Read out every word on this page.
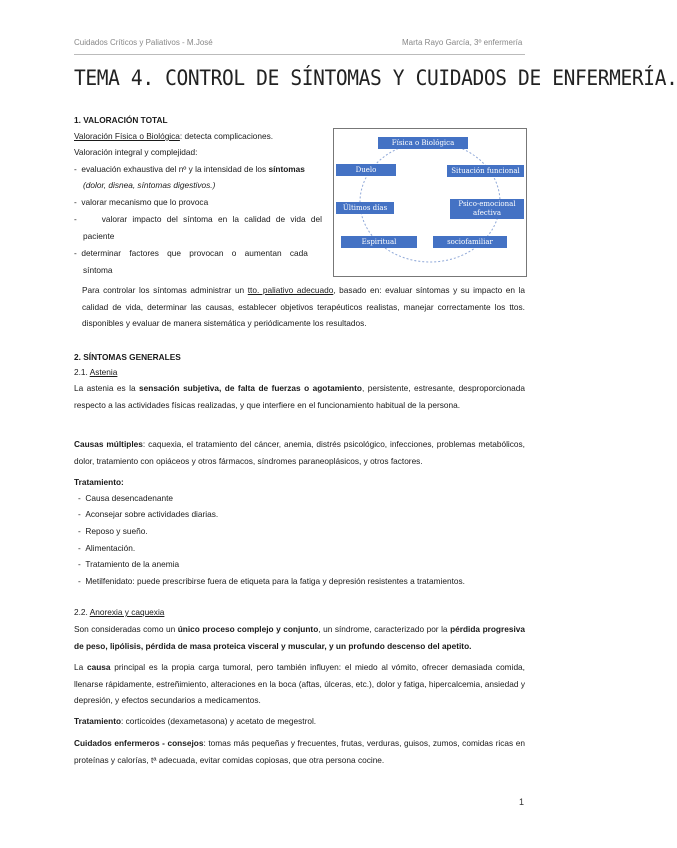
Cuidados Críticos y Paliativos - M.José	Marta Rayo García, 3º enfermería
TEMA 4. CONTROL DE SÍNTOMAS Y CUIDADOS DE ENFERMERÍA.
1. VALORACIÓN TOTAL
Valoración Física o Biológica: detecta complicaciones.
Valoración integral y complejidad:
-  evaluación exhaustiva del nº y la intensidad de los síntomas
(dolor, disnea, síntomas digestivos.)
-  valorar mecanismo que lo provoca
-	valorar impacto del síntoma en la calidad de vida del
paciente
-  determinar factores que provocan o aumentan cada
síntoma
Física o Biológica
Duelo	Situación funcional
Últimos días	Psico-emocional afectiva
Espiritual	sociofamiliar
Para controlar los síntomas administrar un tto. paliativo adecuado, basado en: evaluar síntomas y su impacto en la calidad de vida, determinar las causas, establecer objetivos terapéuticos realistas, manejar correctamente los ttos. disponibles y evaluar de manera sistemática y periódicamente los resultados.
2. SÍNTOMAS GENERALES
2.1. Astenia
La astenia es la sensación subjetiva, de falta de fuerzas o agotamiento, persistente, estresante, desproporcionada respecto a las actividades físicas realizadas, y que interfiere en el funcionamiento habitual de la persona.
Causas múltiples: caquexia, el tratamiento del cáncer, anemia, distrés psicológico, infecciones, problemas metabólicos, dolor, tratamiento con opiáceos y otros fármacos, síndromes paraneoplásicos, y otros factores.
Tratamiento:
-  Causa desencadenante
-  Aconsejar sobre actividades diarias.
-  Reposo y sueño.
-  Alimentación.
-  Tratamiento de la anemia
-  Metilfenidato: puede prescribirse fuera de etiqueta para la fatiga y depresión resistentes a tratamientos.
2.2. Anorexia y caquexia
Son consideradas como un único proceso complejo y conjunto, un síndrome, caracterizado por la pérdida progresiva de peso, lipólisis, pérdida de masa proteica visceral y muscular, y un profundo descenso del apetito.
La causa principal es la propia carga tumoral, pero también influyen: el miedo al vómito, ofrecer demasiada comida, llenarse rápidamente, estreñimiento, alteraciones en la boca (aftas, úlceras, etc.), dolor y fatiga, hipercalcemia, ansiedad y depresión, y efectos secundarios a medicamentos.
Tratamiento: corticoides (dexametasona) y acetato de megestrol.
Cuidados enfermeros - consejos: tomas más pequeñas y frecuentes, frutas, verduras, guisos, zumos, comidas ricas en proteínas y calorías, tª adecuada, evitar comidas copiosas, que otra persona cocine.
1
